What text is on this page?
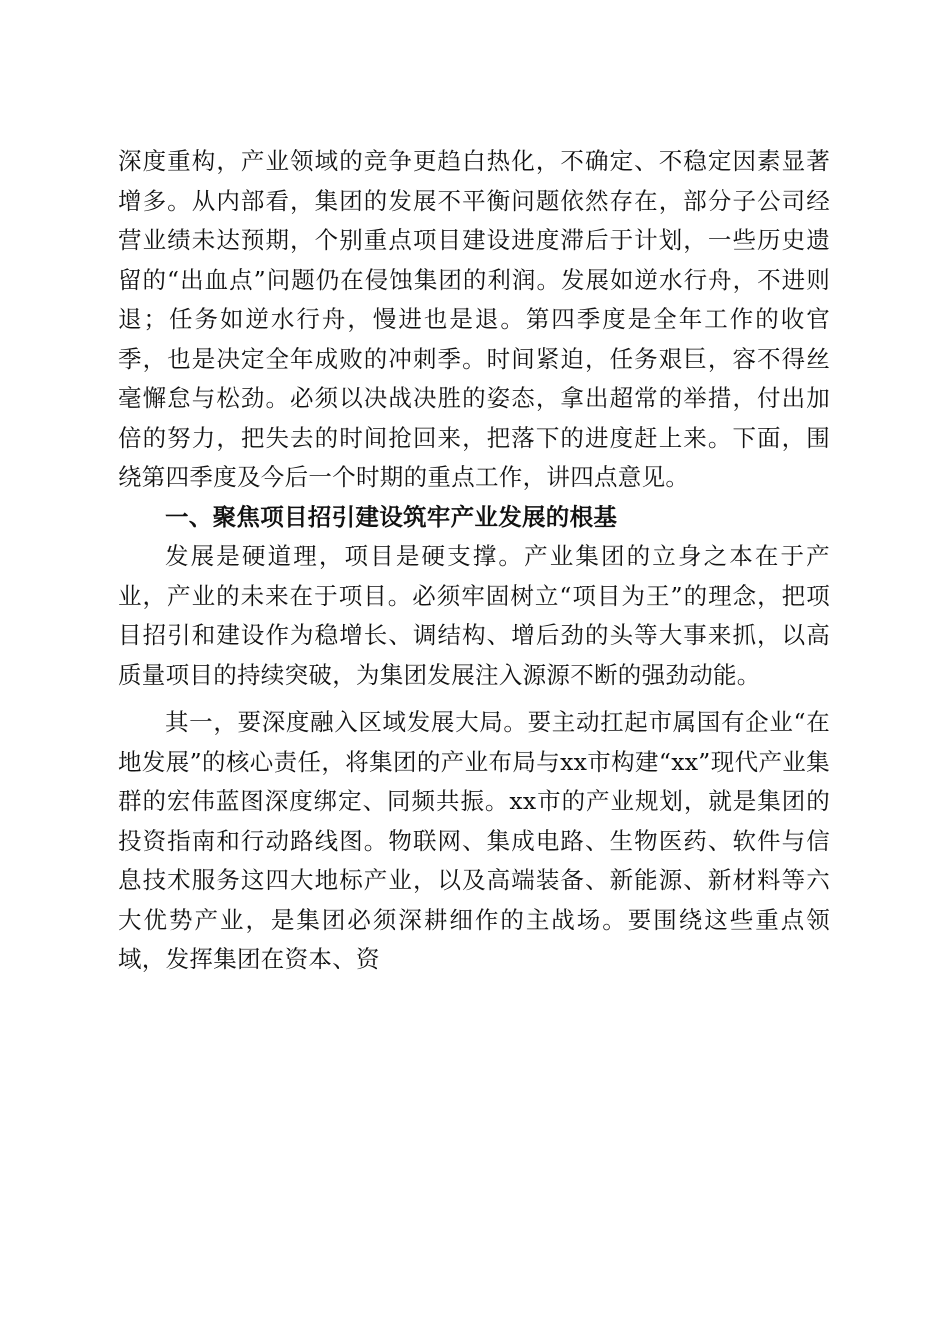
深度重构，产业领域的竞争更趋白热化，不确定、不稳定因素显著增多。从内部看，集团的发展不平衡问题依然存在，部分子公司经营业绩未达预期，个别重点项目建设进度滞后于计划，一些历史遗留的“出血点”问题仍在侵蚀集团的利润。发展如逆水行舟，不进则退；任务如逆水行舟，慢进也是退。第四季度是全年工作的收官季，也是决定全年成败的冲刺季。时间紧迫，任务艰巨，容不得丝毫懈怠与松劲。必须以决战决胜的姿态，拿出超常的举措，付出加倍的努力，把失去的时间抢回来，把落下的进度赶上来。下面，围绕第四季度及今后一个时期的重点工作，讲四点意见。

一、聚焦项目招引建设筑牢产业发展的根基

发展是硬道理，项目是硬支撑。产业集团的立身之本在于产业，产业的未来在于项目。必须牢固树立“项目为王”的理念，把项目招引和建设作为稳增长、调结构、增后劲的头等大事来抓，以高质量项目的持续突破，为集团发展注入源源不断的强劲动能。

其一，要深度融入区域发展大局。要主动扛起市属国有企业“在地发展”的核心责任，将集团的产业布局与xx市构建“xx”现代产业集群的宏伟蓝图深度绑定、同频共振。xx市的产业规划，就是集团的投资指南和行动路线图。物联网、集成电路、生物医药、软件与信息技术服务这四大地标产业，以及高端装备、新能源、新材料等六大优势产业，是集团必须深耕细作的主战场。要围绕这些重点领域，发挥集团在资本、资
